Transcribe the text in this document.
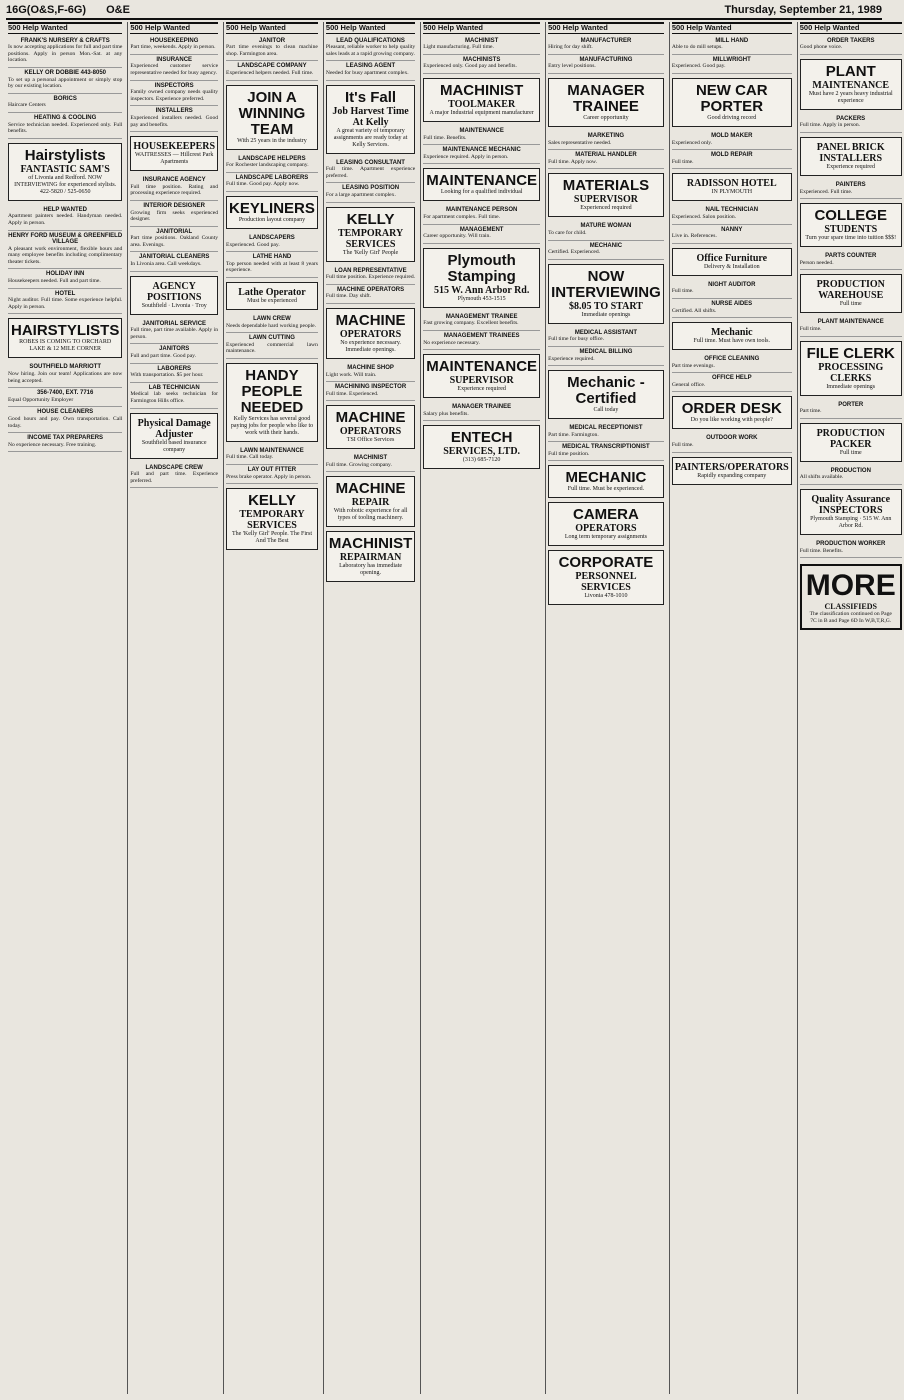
16G(O&S,F-6G)	O&E	Thursday, September 21, 1989
500 Help Wanted
FRANK'S NURSERY & CRAFTS
Is now accepting applications for full and part time positions. Apply in person Mon.-Sat. at any location.
KELLY OR DOBBIE 443-8050
To set up a personal appointment or simply stop by our existing location.
BORICS
Haircare Centers
HEATING & COOLING
Service technician needed. Experienced only. Full benefits.
Hairstylists
FANTASTIC SAM'S
of Livonia and Redford. NOW INTERVIEWING for experienced stylists. 422-5820 / 525-0650
HELP WANTED
Apartment painters needed. Handyman needed. Apply in person.
HENRY FORD MUSEUM & GREENFIELD VILLAGE
A pleasant work environment, flexible hours and many employee benefits including complimentary theater tickets.
HOLIDAY INN
Housekeepers needed. Full and part time.
HOTEL
Night auditor. Full time. Some experience helpful. Apply in person.
HAIRSTYLISTS
ROBES IS COMING TO ORCHARD LAKE & 12 MILE CORNER
SOUTHFIELD MARRIOTT
Now hiring. Join our team! Applications are now being accepted.
356-7400, EXT. 7716
Equal Opportunity Employer
HOUSE CLEANERS
Good hours and pay. Own transportation. Call today.
INCOME TAX PREPARERS
No experience necessary. Free training.
500 Help Wanted
HOUSEKEEPING
Part time, weekends. Apply in person.
INSURANCE
Experienced customer service representative needed for busy agency.
INSPECTORS
Family owned company needs quality inspectors. Experience preferred.
INSTALLERS
Experienced installers needed. Good pay and benefits.
HOUSEKEEPERS
WAITRESSES — Hillcrest Park Apartments
INSURANCE AGENCY
Full time position. Rating and processing experience required.
INTERIOR DESIGNER
Growing firm seeks experienced designer.
JANITORIAL
Part time positions. Oakland County area. Evenings.
JANITORIAL CLEANERS
In Livonia area. Call weekdays.
AGENCY POSITIONS
Southfield · Livonia · Troy
JANITORIAL SERVICE
Full time, part time available. Apply in person.
JANITORS
Full and part time. Good pay.
LABORERS
With transportation. $5 per hour.
LAB TECHNICIAN
Medical lab seeks technician for Farmington Hills office.
Physical Damage Adjuster
Southfield based insurance company
LANDSCAPE CREW
Full and part time. Experience preferred.
500 Help Wanted
JANITOR
Part time evenings to clean machine shop. Farmington area.
LANDSCAPE COMPANY
Experienced helpers needed. Full time.
JOIN A WINNING TEAM
With 25 years in the industry
LANDSCAPE HELPERS
For Rochester landscaping company.
LANDSCAPE LABORERS
Full time. Good pay. Apply now.
KEYLINERS
Production layout company
LANDSCAPERS
Experienced. Good pay.
LATHE HAND
Top person needed with at least 8 years experience.
Lathe Operator
Must be experienced
LAWN CREW
Needs dependable hard working people.
LAWN CUTTING
Experienced commercial lawn maintenance.
HANDY PEOPLE NEEDED
Kelly Services has several good paying jobs for people who like to work with their hands.
LAWN MAINTENANCE
Full time. Call today.
LAY OUT FITTER
Press brake operator. Apply in person.
KELLY
TEMPORARY SERVICES
The 'Kelly Girl' People. The First And The Best
500 Help Wanted
LEAD QUALIFICATIONS
Pleasant, reliable worker to help quality sales leads at a rapid growing company.
LEASING AGENT
Needed for busy apartment complex.
It's Fall
Job Harvest Time At Kelly
A great variety of temporary assignments are ready today at Kelly Services.
LEASING CONSULTANT
Full time. Apartment experience preferred.
LEASING POSITION
For a large apartment complex.
KELLY
TEMPORARY SERVICES
The 'Kelly Girl' People
LOAN REPRESENTATIVE
Full time position. Experience required.
MACHINE OPERATORS
Full time. Day shift.
MACHINE
OPERATORS
No experience necessary. Immediate openings.
MACHINE SHOP
Light work. Will train.
MACHINING INSPECTOR
Full time. Experienced.
MACHINE
OPERATORS
TSI Office Services
MACHINIST
Full time. Growing company.
MACHINE
REPAIR
With robotic experience for all types of tooling machinery.
MACHINIST
REPAIRMAN
Laboratory has immediate opening.
500 Help Wanted
MACHINIST
Light manufacturing. Full time.
MACHINISTS
Experienced only. Good pay and benefits.
MACHINIST
TOOLMAKER
A major Industrial equipment manufacturer
MAINTENANCE
Full time. Benefits.
MAINTENANCE MECHANIC
Experience required. Apply in person.
MAINTENANCE
Looking for a qualified individual
MAINTENANCE PERSON
For apartment complex. Full time.
MANAGEMENT
Career opportunity. Will train.
Plymouth Stamping
515 W. Ann Arbor Rd.
Plymouth 453-1515
MANAGEMENT TRAINEE
Fast growing company. Excellent benefits.
MANAGEMENT TRAINEES
No experience necessary.
MAINTENANCE
SUPERVISOR
Experience required
MANAGER TRAINEE
Salary plus benefits.
ENTECH
SERVICES, LTD.
(313) 685-7120
500 Help Wanted
MANUFACTURER
Hiring for day shift.
MANUFACTURING
Entry level positions.
MANAGER TRAINEE
Career opportunity
MARKETING
Sales representative needed.
MATERIAL HANDLER
Full time. Apply now.
MATERIALS
SUPERVISOR
Experienced required
MATURE WOMAN
To care for child.
MECHANIC
Certified. Experienced.
NOW INTERVIEWING
$8.05 TO START
Immediate openings
MEDICAL ASSISTANT
Full time for busy office.
MEDICAL BILLING
Experience required.
Mechanic - Certified
Call today
MEDICAL RECEPTIONIST
Part time. Farmington.
MEDICAL TRANSCRIPTIONIST
Full time position.
MECHANIC
Full time. Must be experienced.
CAMERA
OPERATORS
Long term temporary assignments
CORPORATE
PERSONNEL SERVICES
Livonia 478-1010
500 Help Wanted
MILL HAND
Able to do mill setups.
MILLWRIGHT
Experienced. Good pay.
NEW CAR PORTER
Good driving record
MOLD MAKER
Experienced only.
MOLD REPAIR
Full time.
RADISSON HOTEL
IN PLYMOUTH
NAIL TECHNICIAN
Experienced. Salon position.
NANNY
Live in. References.
Office Furniture
Delivery & Installation
NIGHT AUDITOR
Full time.
NURSE AIDES
Certified. All shifts.
Mechanic
Full time. Must have own tools.
OFFICE CLEANING
Part time evenings.
OFFICE HELP
General office.
ORDER DESK
Do you like working with people?
OUTDOOR WORK
Full time.
PAINTERS/OPERATORS
Rapidly expanding company
500 Help Wanted
ORDER TAKERS
Good phone voice.
PLANT
MAINTENANCE
Must have 2 years heavy industrial experience
PACKERS
Full time. Apply in person.
PANEL BRICK INSTALLERS
Experience required
PAINTERS
Experienced. Full time.
COLLEGE
STUDENTS
Turn your spare time into tuition $$$!
PARTS COUNTER
Person needed.
PRODUCTION WAREHOUSE
Full time
PLANT MAINTENANCE
Full time.
FILE CLERK
PROCESSING CLERKS
Immediate openings
PORTER
Part time.
PRODUCTION PACKER
Full time
PRODUCTION
All shifts available.
Quality Assurance INSPECTORS
Plymouth Stamping · 515 W. Ann Arbor Rd.
PRODUCTION WORKER
Full time. Benefits.
MORE
CLASSIFIEDS
The classification continued on Page 7C in B and Page 6D In W,B,T,R,G.
